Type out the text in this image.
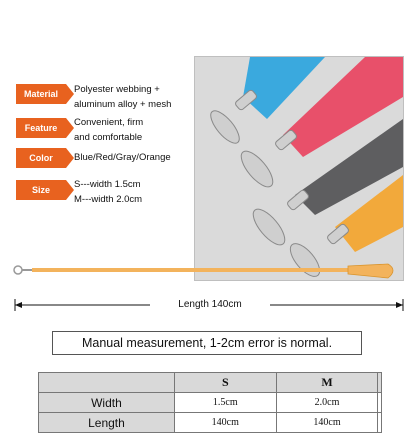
Material	Polyester webbing +
aluminum alloy + mesh
Feature	Convenient, firm
and comfortable
Color	Blue/Red/Gray/Orange
Size	S---width 1.5cm
M---width 2.0cm
Length 140cm
Manual measurement, 1-2cm error is normal.
	S	M	
Width	1.5cm	2.0cm	
Length	140cm	140cm	
